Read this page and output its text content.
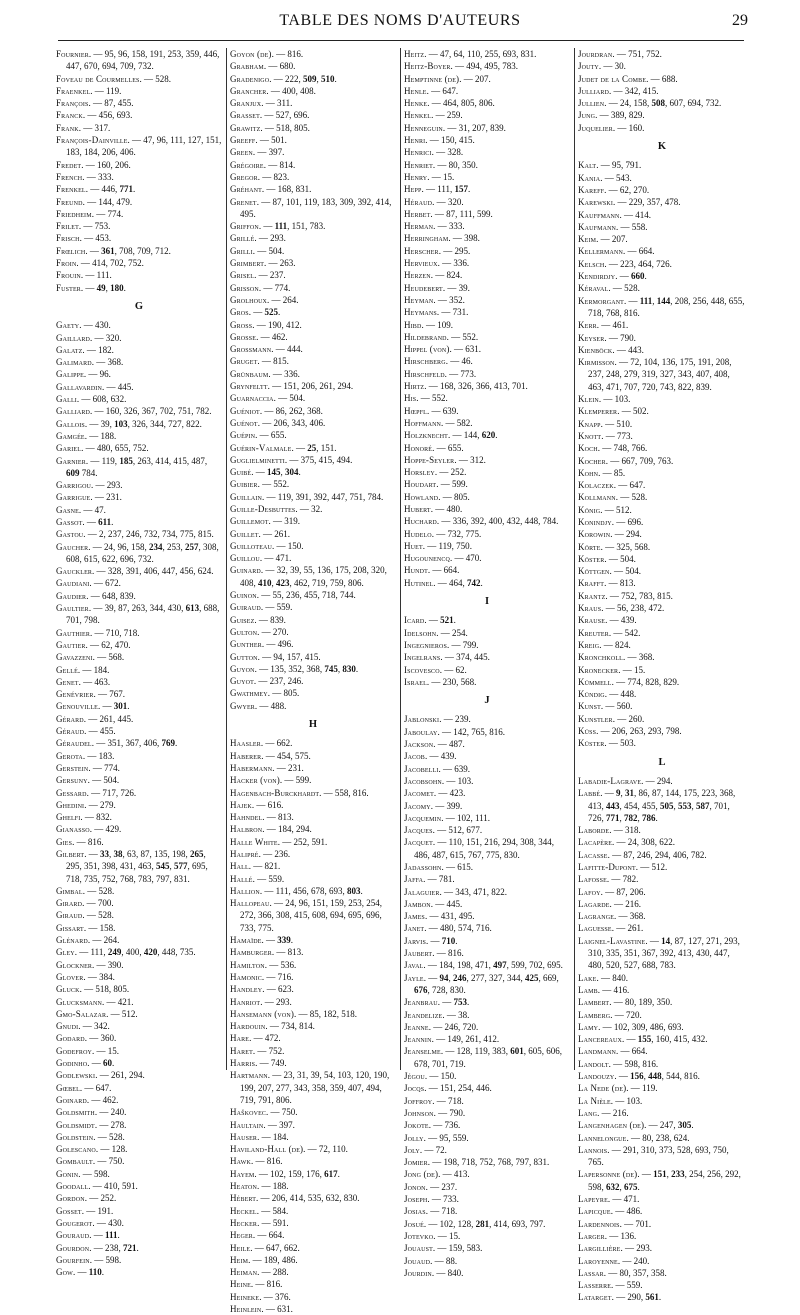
TABLE DES NOMS D'AUTEURS	29
Fournier. — 95, 96, 158, 191, 253, 359, 446, 447, 670, 694, 709, 732.
Foveau de Courmelles. — 528.
Fraenkel. — 119.
François. — 87, 455.
Franck. — 456, 693.
Frank. — 317.
François-Dainville. — 47, 96, 111, 127, 151, 183, 184, 206, 406.
Fredet. — 160, 206.
French. — 333.
Frenkel. — 446, 771.
Freund. — 144, 479.
Friedheim. — 774.
Frilet. — 753.
Frisch. — 453.
Frœlich. — 361, 708, 709, 712.
Froin. — 414, 702, 752.
Frouin. — 111.
Fuster. — 49, 180.
G
Gaety. — 430.
Gaillard. — 320.
Galatz. — 182.
Galimard. — 368.
Galippe. — 96.
Gallavardin. — 445.
Galli. — 608, 632.
Galliard. — 160, 326, 367, 702, 751, 782.
Gallois. — 39, 103, 326, 344, 727, 822.
Gamgée. — 188.
Gariel. — 480, 655, 752.
Garnier. — 119, 185, 263, 414, 415, 487, 609 784.
Garrigou. — 293.
Garrigue. — 231.
Gasne. — 47.
Gassot. — 611.
Gastou. — 2, 237, 246, 732, 734, 775, 815.
Gaucher. — 24, 96, 158, 234, 253, 257, 308, 608, 615, 622, 696, 732.
Gauckler. — 328, 391, 406, 447, 456, 624.
Gaudiani. — 672.
Gaudier. — 648, 839.
Gaultier. — 39, 87, 263, 344, 430, 613, 688, 701, 798.
Gauthier. — 710, 718.
Gautier. — 62, 470.
Gavazzeni. — 568.
Gellé. — 184.
Genet. — 463.
Genévrier. — 767.
Genouville. — 301.
Gérard. — 261, 445.
Géraud. — 455.
Géraudel. — 351, 367, 406, 769.
Gerota. — 183.
Gerstein. — 774.
Gersuny. — 504.
Gessard. — 717, 726.
Ghedini. — 279.
Ghelfi. — 832.
Gianasso. — 429.
Gies. — 816.
Gilbert. — 33, 38, 63, 87, 135, 198, 265, 295, 351, 398, 431, 463, 545, 577, 695, 718, 735, 752, 768, 783, 797, 831.
Gimbal. — 528.
Girard. — 700.
Giraud. — 528.
Gissart. — 158.
Glénard. — 264.
Gley. — 111, 249, 400, 420, 448, 735.
Glockner. — 390.
Glover. — 384.
Gluck. — 518, 805.
Glucksmann. — 421.
Gmo-Salazar. — 512.
Gnudi. — 342.
Godard. — 360.
Godefroy. — 15.
Godinho. — 60.
Godlewski. — 261, 294.
Gœbel. — 647.
Goinard. — 462.
Goldsmith. — 240.
Goldsmidt. — 278.
Goldstein. — 528.
Golescano. — 128.
Gombault. — 750.
Gonin. — 598.
Goodall. — 410, 591.
Gordon. — 252.
Gosset. — 191.
Gougerot. — 430.
Gouraud. — 111.
Gourdon. — 238, 721.
Gourfein. — 598.
Gow. — 110.
Goyon (de). — 816.
Grabham. — 680.
Gradenigo. — 222, 509, 510.
Grancher. — 400, 408.
Granjux. — 311.
Grasset. — 527, 696.
Grawitz. — 518, 805.
Greeff. — 501.
Green. — 397.
Grégoire. — 814.
Gregor. — 823.
Gréhant. — 168, 831.
Grenet. — 87, 101, 119, 183, 309, 392, 414, 495.
Griffon. — 111, 151, 783.
Grillé. — 293.
Grilli. — 504.
Grimbert. — 263.
Grisel. — 237.
Grisson. — 774.
Grolhoux. — 264.
Gros. — 525.
Gross. — 190, 412.
Grosse. — 462.
Grossmann. — 444.
Gruget. — 815.
Grünbaum. — 336.
Grynfeltt. — 151, 206, 261, 294.
Guarnaccia. — 504.
Guéniot. — 86, 262, 368.
Guénot. — 206, 343, 406.
Guépin. — 655.
Guérin-Valmale. — 25, 151.
Guglielminetti. — 375, 415, 494.
Guibé. — 145, 304.
Guibier. — 552.
Guillain. — 119, 391, 392, 447, 751, 784.
Guille-Desbuttes. — 32.
Guillemot. — 319.
Guillet. — 261.
Guilloteau. — 150.
Guillou. — 471.
Guinard. — 32, 39, 55, 136, 175, 208, 320, 408, 410, 423, 462, 719, 759, 806.
Guinon. — 55, 236, 455, 718, 744.
Guiraud. — 559.
Guisez. — 839.
Gulton. — 270.
Gunther. — 496.
Gutton. — 94, 157, 415.
Guyon. — 135, 352, 368, 745, 830.
Guyot. — 237, 246.
Gwathmey. — 805.
Gwyer. — 488.
H
Haasler. — 662.
Haberer. — 454, 575.
Habermann. — 231.
Hacker (von). — 599.
Hagenbach-Burckhardt. — 558, 816.
Hajek. — 616.
Hahndel. — 813.
Halbron. — 184, 294.
Halle White. — 252, 591.
Halipré. — 236.
Hall. — 821.
Hallé. — 559.
Hallion. — 111, 456, 678, 693, 803.
Hallopeau. — 24, 96, 151, 159, 253, 254, 272, 366, 308, 415, 608, 694, 695, 696, 733, 775.
Hamaïde. — 339.
Hamburger. — 813.
Hamilton. — 536.
Hamonic. — 716.
Handley. — 623.
Hanriot. — 293.
Hansemann (von). — 85, 182, 518.
Hardouin. — 734, 814.
Hare. — 472.
Haret. — 752.
Harris. — 749.
Hartmann. — 23, 31, 39, 54, 103, 120, 190, 199, 207, 277, 343, 358, 359, 407, 494, 719, 791, 806.
Haškovec. — 750.
Haultain. — 397.
Hauser. — 184.
Haviland-Hall (de). — 72, 110.
Hawk. — 816.
Hayem. — 102, 159, 176, 617.
Heaton. — 188.
Hébert. — 206, 414, 535, 632, 830.
Heckel. — 584.
Hecker. — 591.
Heger. — 664.
Heile. — 647, 662.
Heim. — 189, 486.
Heiman. — 288.
Heine. — 816.
Heineke. — 376.
Heinlein. — 631.
Heitz. — 47, 64, 110, 255, 693, 831.
Heitz-Boyer. — 494, 495, 783.
Hemptinne (de). — 207.
Henle. — 647.
Henke. — 464, 805, 806.
Henkel. — 259.
Henneguin. — 31, 207, 839.
Henri. — 150, 415.
Henrici. — 328.
Henriet. — 80, 350.
Henry. — 15.
Hepp. — 111, 157.
Héraud. — 320.
Herbet. — 87, 111, 599.
Herman. — 333.
Herringham. — 398.
Herscher. — 295.
Hervieux. — 336.
Herzen. — 824.
Heudebert. — 39.
Heyman. — 352.
Heymans. — 731.
Hibd. — 109.
Hildebrand. — 552.
Hippel (von). — 631.
Hirschberg. — 46.
Hirschfeld. — 773.
Hirtz. — 168, 326, 366, 413, 701.
His. — 552.
Hœpfl. — 639.
Hoffmann. — 582.
Holzknecht. — 144, 620.
Honoré. — 655.
Hoppe-Seyler. — 312.
Horsley. — 252.
Houdart. — 599.
Howland. — 805.
Hubert. — 480.
Huchard. — 336, 392, 400, 432, 448, 784.
Hudelo. — 732, 775.
Huet. — 119, 750.
Hugounencq. — 470.
Hundt. — 664.
Hutinel. — 464, 742.
I
Icard. — 521.
Idelsohn. — 254.
Ingegnieros. — 799.
Ingelrans. — 374, 445.
Iscovesco. — 62.
Israel. — 230, 568.
J
Jablonski. — 239.
Jaboulay. — 142, 765, 816.
Jackson. — 487.
Jacob. — 439.
Jacobelli. — 639.
Jacobsohn. — 103.
Jacomet. — 423.
Jacomy. — 399.
Jacquemin. — 102, 111.
Jacques. — 512, 677.
Jacquet. — 110, 151, 216, 294, 308, 344, 486, 487, 615, 767, 775, 830.
Jadassohn. — 615.
Jaffa. — 781.
Jalaguier. — 343, 471, 822.
Jambon. — 445.
James. — 431, 495.
Janet. — 480, 574, 716.
Jarvis. — 710.
Jaubert. — 816.
Javal. — 184, 198, 471, 497, 599, 702, 695.
Jayle. — 94, 246, 277, 327, 344, 425, 669, 676, 728, 830.
Jeanbrau. — 753.
Jeandelize. — 38.
Jeanne. — 246, 720.
Jeannin. — 149, 261, 412.
Jeanselme. — 128, 119, 383, 601, 605, 606, 678, 701, 719.
Jégou. — 150.
Jocqs. — 151, 254, 446.
Joffroy. — 718.
Johnson. — 790.
Jokote. — 736.
Jolly. — 95, 559.
Joly. — 72.
Jomier. — 198, 718, 752, 768, 797, 831.
Jong (de). — 413.
Jonon. — 237.
Joseph. — 733.
Josias. — 718.
Josué. — 102, 128, 281, 414, 693, 797.
Jotevko. — 15.
Jouaust. — 159, 583.
Jouaud. — 88.
Jourdin. — 840.
Jourdran. — 751, 752.
Jouty. — 30.
Judet de la Combe. — 688.
Julliard. — 342, 415.
Jullien. — 24, 158, 508, 607, 694, 732.
Jung. — 389, 829.
Juquelier. — 160.
K
Kalt. — 95, 791.
Kania. — 543.
Kareff. — 62, 270.
Karewski. — 229, 357, 478.
Kauffmann. — 414.
Kaufmann. — 558.
Keim. — 207.
Kellermann. — 664.
Kelsch. — 223, 464, 726.
Kendirdjy. — 660.
Kéraval. — 528.
Kermorgant. — 111, 144, 208, 256, 448, 655, 718, 768, 816.
Kerr. — 461.
Keyser. — 790.
Kienböck. — 443.
Kirmisson. — 72, 104, 136, 175, 191, 208, 237, 248, 279, 319, 327, 343, 407, 408, 463, 471, 707, 720, 743, 822, 839.
Klein. — 103.
Klemperer. — 502.
Knapp. — 510.
Knott. — 773.
Koch. — 748, 766.
Kocher. — 667, 709, 763.
Kohn. — 85.
Kolaczek. — 647.
Kollmann. — 528.
König. — 512.
Konindjy. — 696.
Korowin. — 294.
Körte. — 325, 568.
Köster. — 504.
Köttgen. — 504.
Krafft. — 813.
Krantz. — 752, 783, 815.
Kraus. — 56, 238, 472.
Krause. — 439.
Kreuter. — 542.
Kreig. — 824.
Kronchkoll. — 368.
Kronecker. — 15.
Kümmell. — 774, 828, 829.
Kündig. — 448.
Kunst. — 560.
Kunstler. — 260.
Küss. — 206, 263, 293, 798.
Küster. — 503.
L
Labadie-Lagrave. — 294.
Labbé. — 9, 31, 86, 87, 144, 175, 223, 368, 413, 443, 454, 455, 505, 553, 587, 701, 726, 771, 782, 786.
Laborde. — 318.
Lacapère. — 24, 308, 622.
Lacasse. — 87, 246, 294, 406, 782.
Lafitte-Dupont. — 512.
Lafosse. — 782.
Lafoy. — 87, 206.
Lagarde. — 216.
Lagrange. — 368.
Laguesse. — 261.
Laignel-Lavastine. — 14, 87, 127, 271, 293, 310, 335, 351, 367, 392, 413, 430, 447, 480, 520, 527, 688, 783.
Lake. — 840.
Lamb. — 416.
Lambert. — 80, 189, 350.
Lamberg. — 720.
Lamy. — 102, 309, 486, 693.
Lancereaux. — 155, 160, 415, 432.
Landmann. — 664.
Landolt. — 598, 816.
Landouzy. — 156, 448, 544, 816.
La Nede (de). — 119.
La Nièle. — 103.
Lang. — 216.
Langenhagen (de). — 247, 305.
Lannelongue. — 80, 238, 624.
Lannois. — 291, 310, 373, 528, 693, 750, 765.
Lapersonne (de). — 151, 233, 254, 256, 292, 598, 632, 675.
Lapeyre. — 471.
Lapicque. — 486.
Lardennois. — 701.
Larger. — 136.
Largillière. — 293.
Laroyenne. — 240.
Lassar. — 80, 357, 358.
Lasserre. — 559.
Latarget. — 290, 561.
